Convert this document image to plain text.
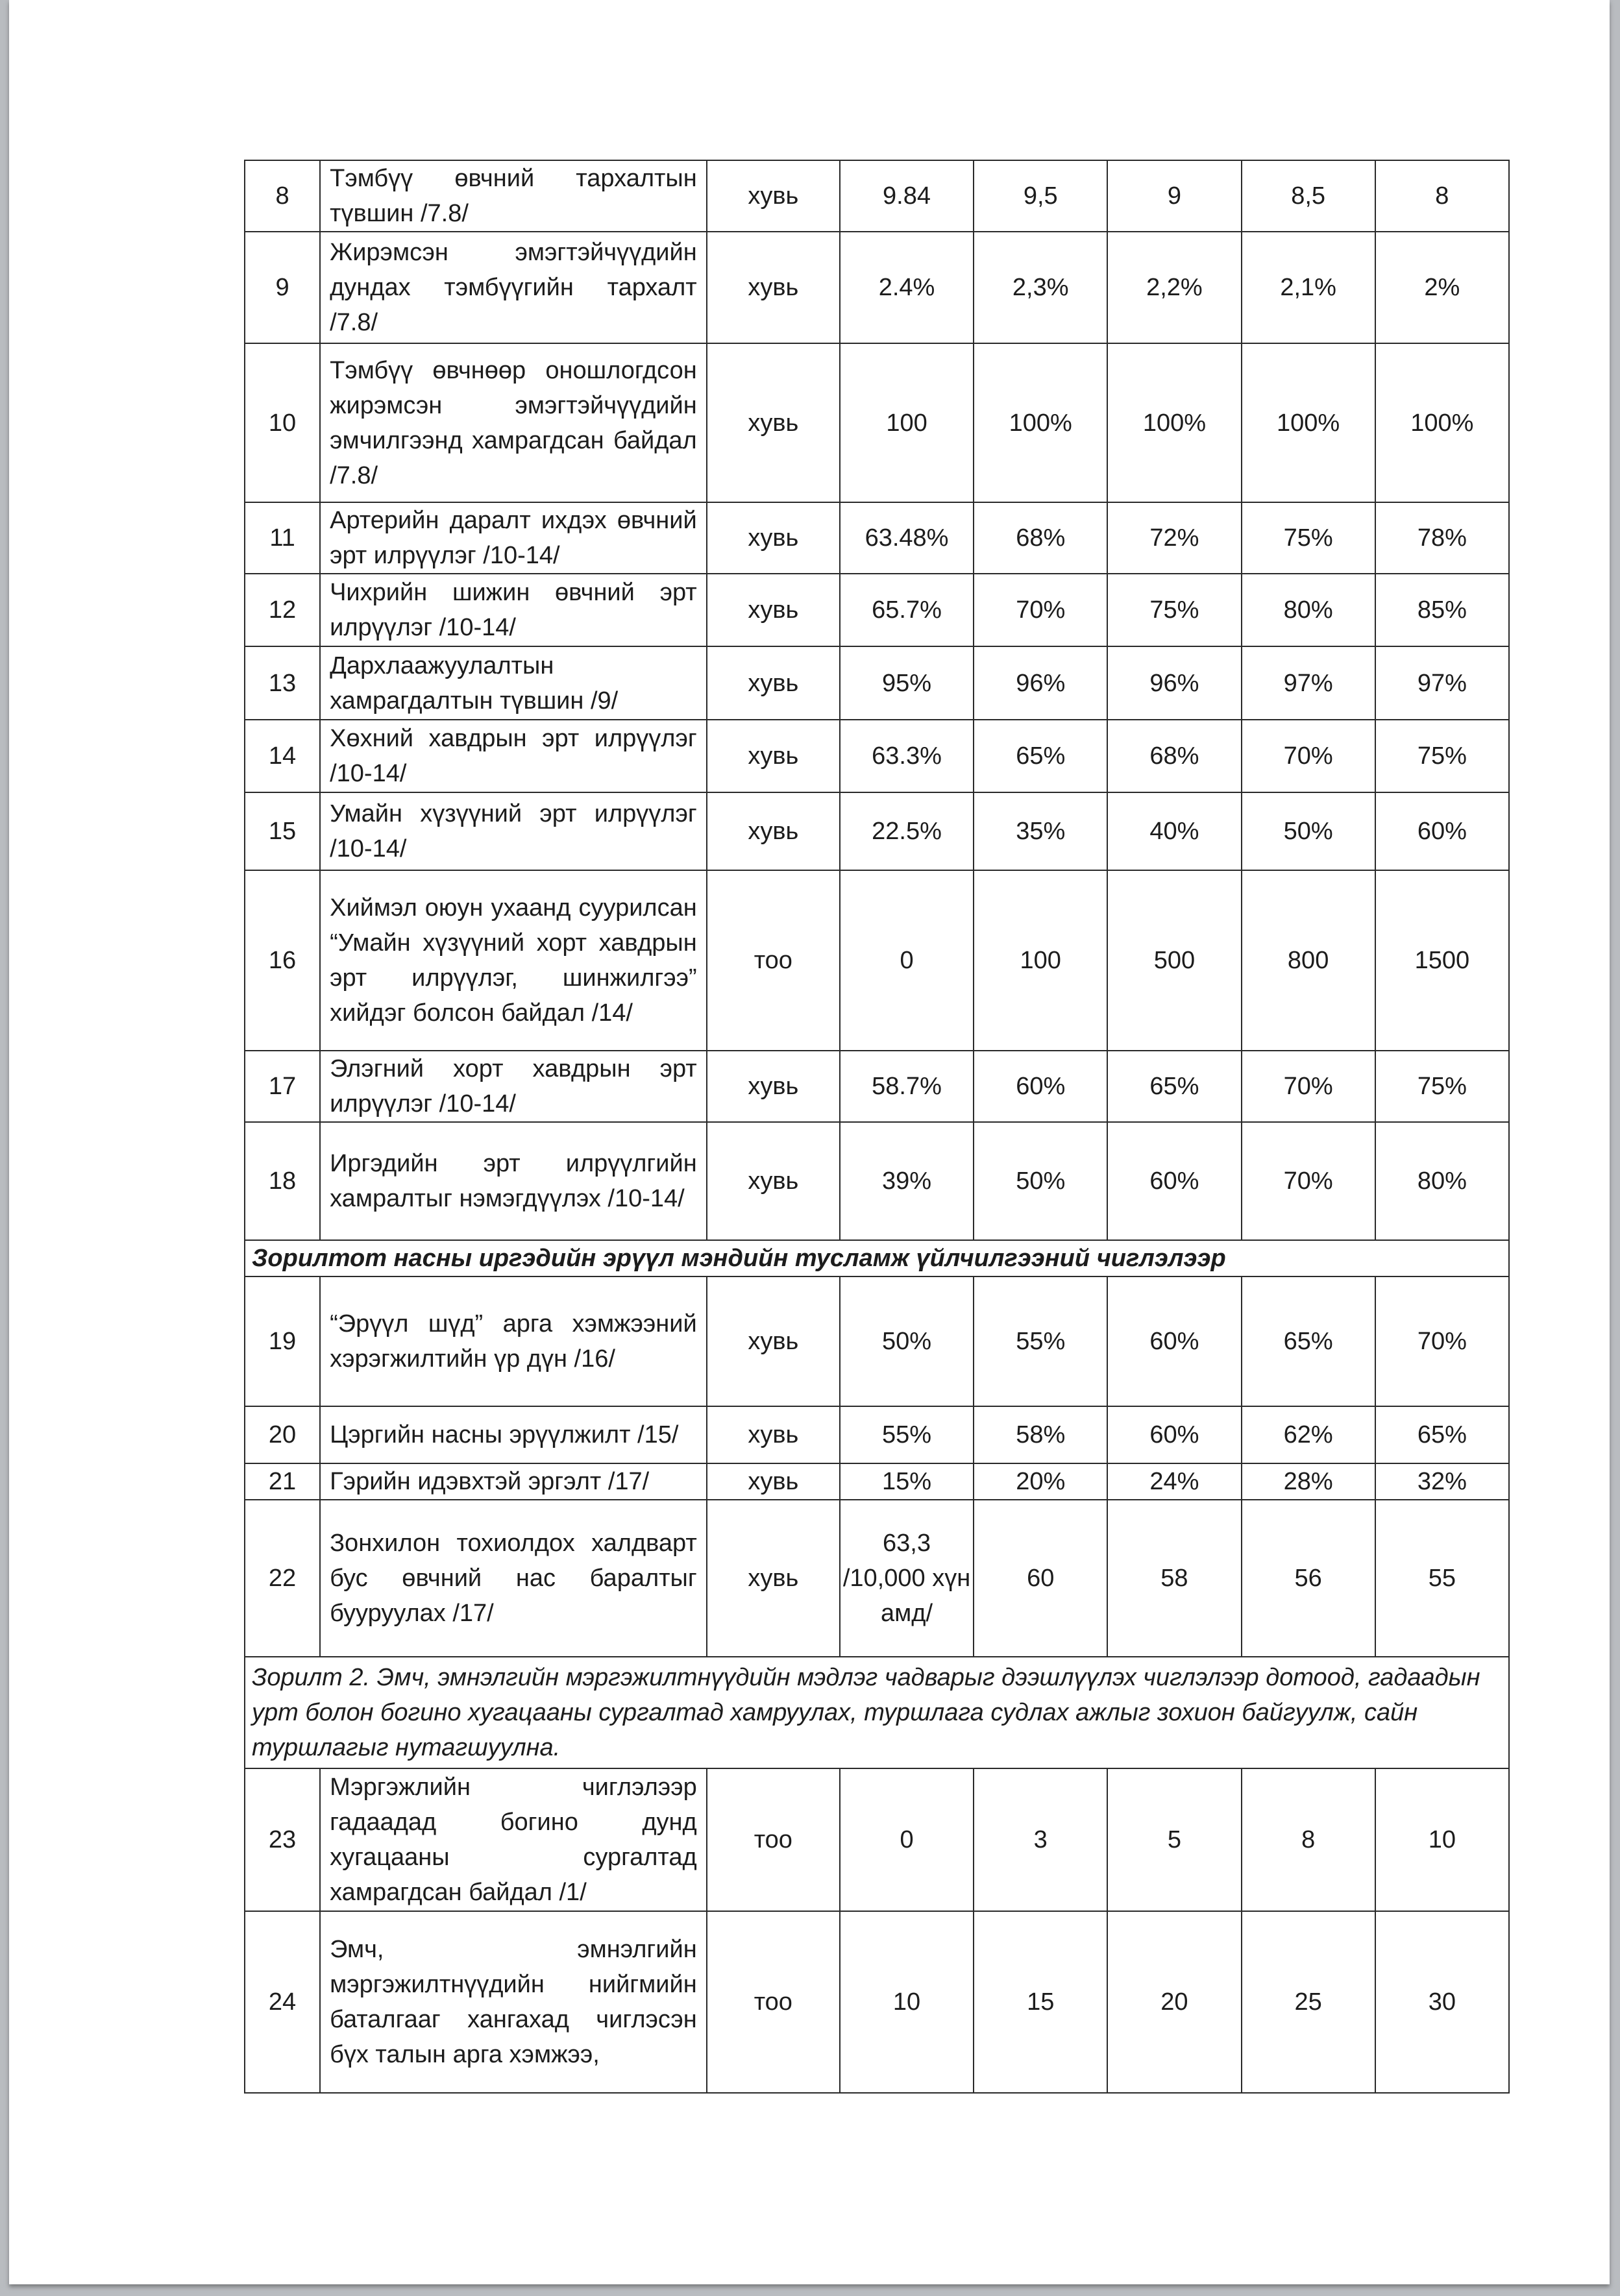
8	Тэмбүү өвчний тархалтын түвшин /7.8/	хувь	9.84	9,5	9	8,5	8
9	Жирэмсэн эмэгтэйчүүдийн дундах тэмбүүгийн тархалт /7.8/	хувь	2.4%	2,3%	2,2%	2,1%	2%
10	Тэмбүү өвчнөөр оношлогдсон жирэмсэн эмэгтэйчүүдийн эмчилгээнд хамрагдсан байдал /7.8/	хувь	100	100%	100%	100%	100%
11	Артерийн даралт ихдэх өвчний эрт илрүүлэг /10-14/	хувь	63.48%	68%	72%	75%	78%
12	Чихрийн шижин өвчний эрт илрүүлэг /10-14/	хувь	65.7%	70%	75%	80%	85%
13	Дархлаажуулалтын хамрагдалтын түвшин /9/	хувь	95%	96%	96%	97%	97%
14	Хөхний хавдрын эрт илрүүлэг /10-14/	хувь	63.3%	65%	68%	70%	75%
15	Умайн хүзүүний эрт илрүүлэг /10-14/	хувь	22.5%	35%	40%	50%	60%
16	Хиймэл оюун ухаанд суурилсан “Умайн хүзүүний хорт хавдрын эрт илрүүлэг, шинжилгээ” хийдэг болсон байдал /14/	тоо	0	100	500	800	1500
17	Элэгний хорт хавдрын эрт илрүүлэг /10-14/	хувь	58.7%	60%	65%	70%	75%
18	Иргэдийн эрт илрүүлгийн хамралтыг нэмэгдүүлэх /10-14/	хувь	39%	50%	60%	70%	80%
Зорилтот насны иргэдийн эрүүл мэндийн тусламж үйлчилгээний чиглэлээр							
19	“Эрүүл шүд” арга хэмжээний хэрэгжилтийн үр дүн /16/	хувь	50%	55%	60%	65%	70%
20	Цэргийн насны эрүүлжилт /15/	хувь	55%	58%	60%	62%	65%
21	Гэрийн идэвхтэй эргэлт /17/	хувь	15%	20%	24%	28%	32%
22	Зонхилон тохиолдох халдварт бус өвчний нас баралтыг бууруулах /17/	хувь	63,3 /10,000 хүн амд/	60	58	56	55
Зорилт 2. Эмч, эмнэлгийн мэргэжилтнүүдийн мэдлэг чадварыг дээшлүүлэх чиглэлээр дотоод, гадаадын урт болон богино хугацааны сургалтад хамруулах, туршлага судлах ажлыг зохион байгуулж, сайн туршлагыг нутагшуулна.							
23	Мэргэжлийн чиглэлээр гадаадад богино дунд хугацааны сургалтад хамрагдсан байдал /1/	тоо	0	3	5	8	10
24	Эмч, эмнэлгийн мэргэжилтнүүдийн нийгмийн баталгааг хангахад чиглэсэн бүх талын арга хэмжээ,	тоо	10	15	20	25	30
